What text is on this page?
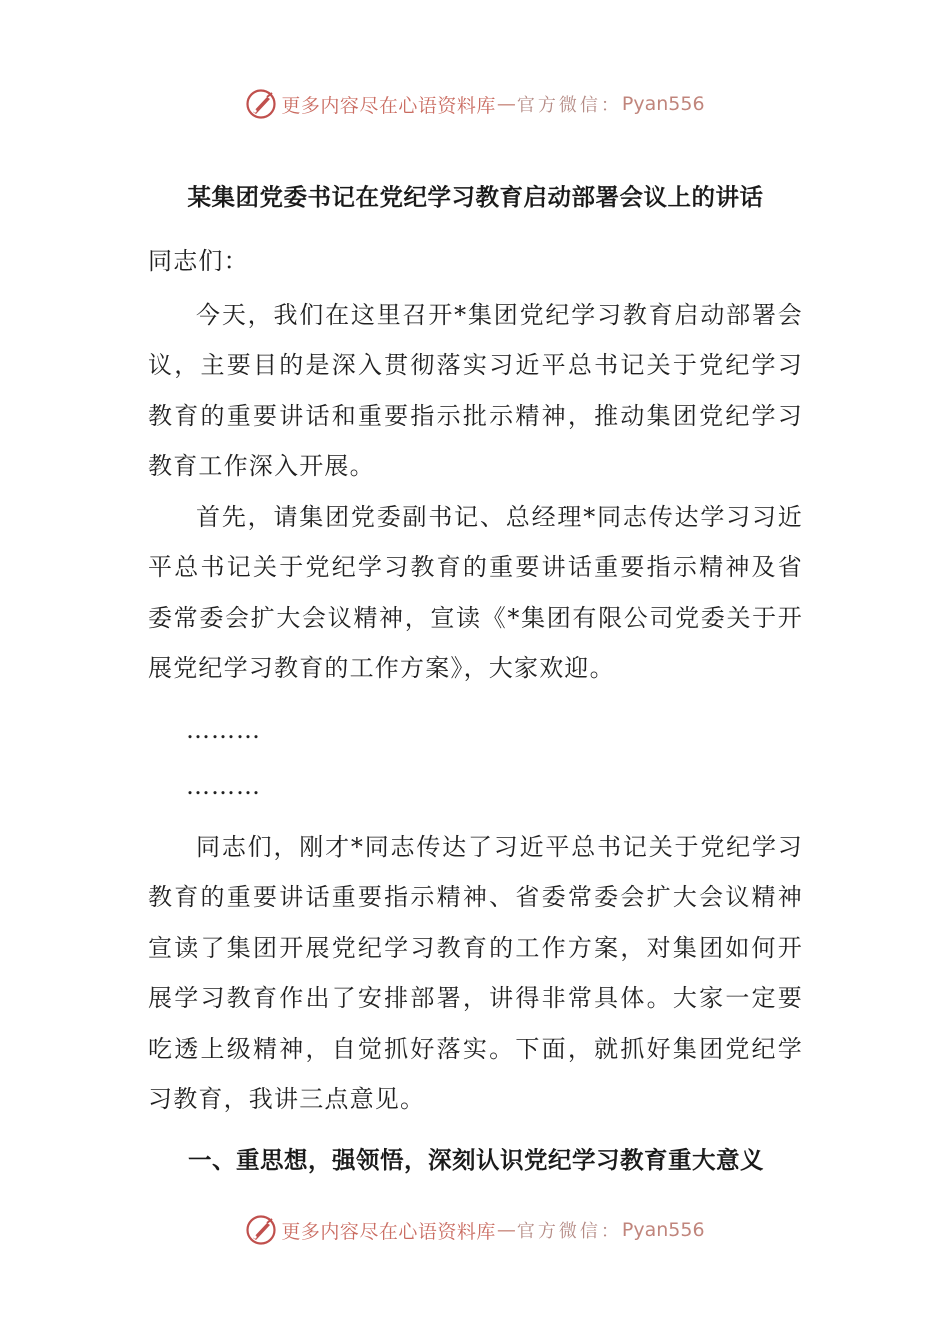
更多内容尽在心语资料库 — 官方微信： Pyan556
某集团党委书记在党纪学习教育启动部署会议上的讲话

同志们：

今天，我们在这里召开*集团党纪学习教育启动部署会议，主要目的是深入贯彻落实习近平总书记关于党纪学习教育的重要讲话和重要指示批示精神，推动集团党纪学习教育工作深入开展。

首先，请集团党委副书记、总经理*同志传达学习习近平总书记关于党纪学习教育的重要讲话重要指示精神及省委常委会扩大会议精神，宣读《*集团有限公司党委关于开展党纪学习教育的工作方案》，大家欢迎。

………

………

同志们，刚才*同志传达了习近平总书记关于党纪学习教育的重要讲话重要指示精神、省委常委会扩大会议精神宣读了集团开展党纪学习教育的工作方案，对集团如何开展学习教育作出了安排部署，讲得非常具体。大家一定要吃透上级精神，自觉抓好落实。下面，就抓好集团党纪学习教育，我讲三点意见。

一、重思想，强领悟，深刻认识党纪学习教育重大意义

更多内容尽在心语资料库 — 官方微信： Pyan556
